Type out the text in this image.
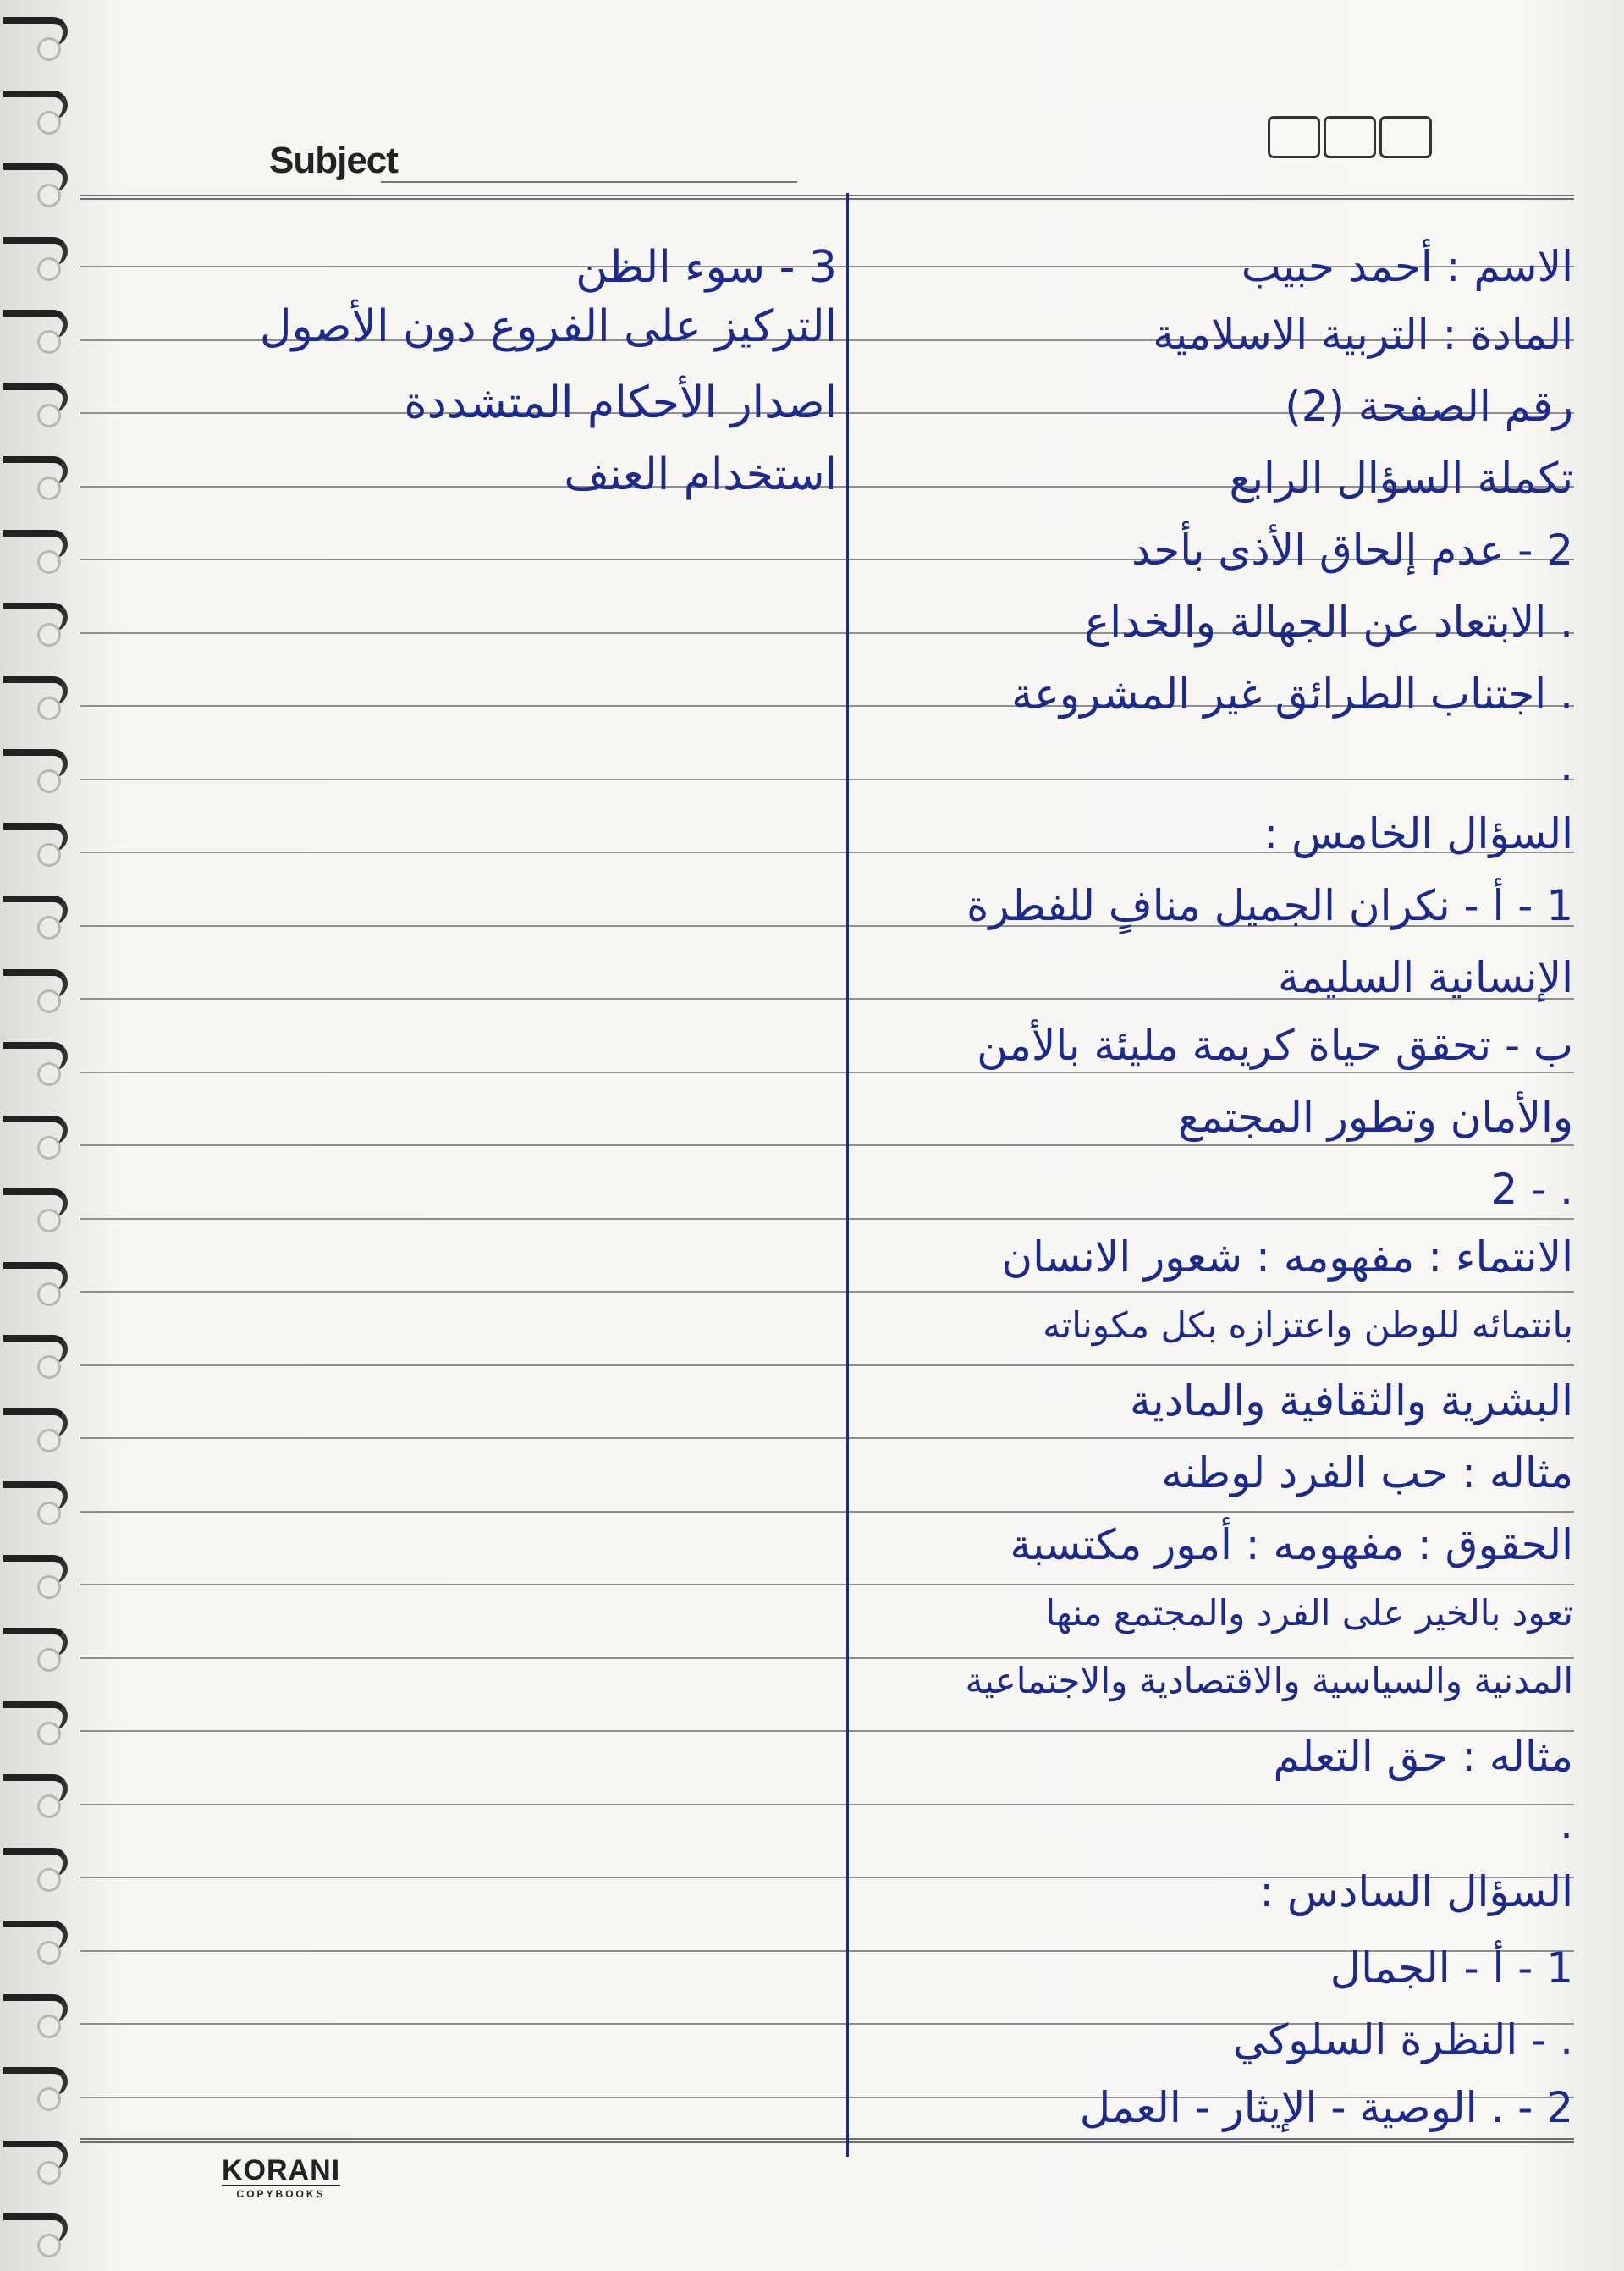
Subject
الاسم : أحمد حبيب
المادة : التربية الاسلامية
رقم الصفحة (2)
تكملة السؤال الرابع
2 - عدم إلحاق الأذى بأحد
. الابتعاد عن الجهالة والخداع
. اجتناب الطرائق غير المشروعة
.
السؤال الخامس :
1 - أ - نكران الجميل منافٍ للفطرة
الإنسانية السليمة
ب - تحقق حياة كريمة مليئة بالأمن
والأمان وتطور المجتمع
. - 2
الانتماء : مفهومه : شعور الانسان
بانتمائه للوطن واعتزازه بكل مكوناته
البشرية والثقافية والمادية
مثاله : حب الفرد لوطنه
الحقوق : مفهومه : أمور مكتسبة
تعود بالخير على الفرد والمجتمع منها
المدنية والسياسية والاقتصادية والاجتماعية
مثاله : حق التعلم
.
السؤال السادس :
1 - أ - الجمال
. - النظرة السلوكي
2 - . الوصية - الإيثار - العمل
3 - سوء الظن
التركيز على الفروع دون الأصول
اصدار الأحكام المتشددة
استخدام العنف
KORANI
COPYBOOKS
